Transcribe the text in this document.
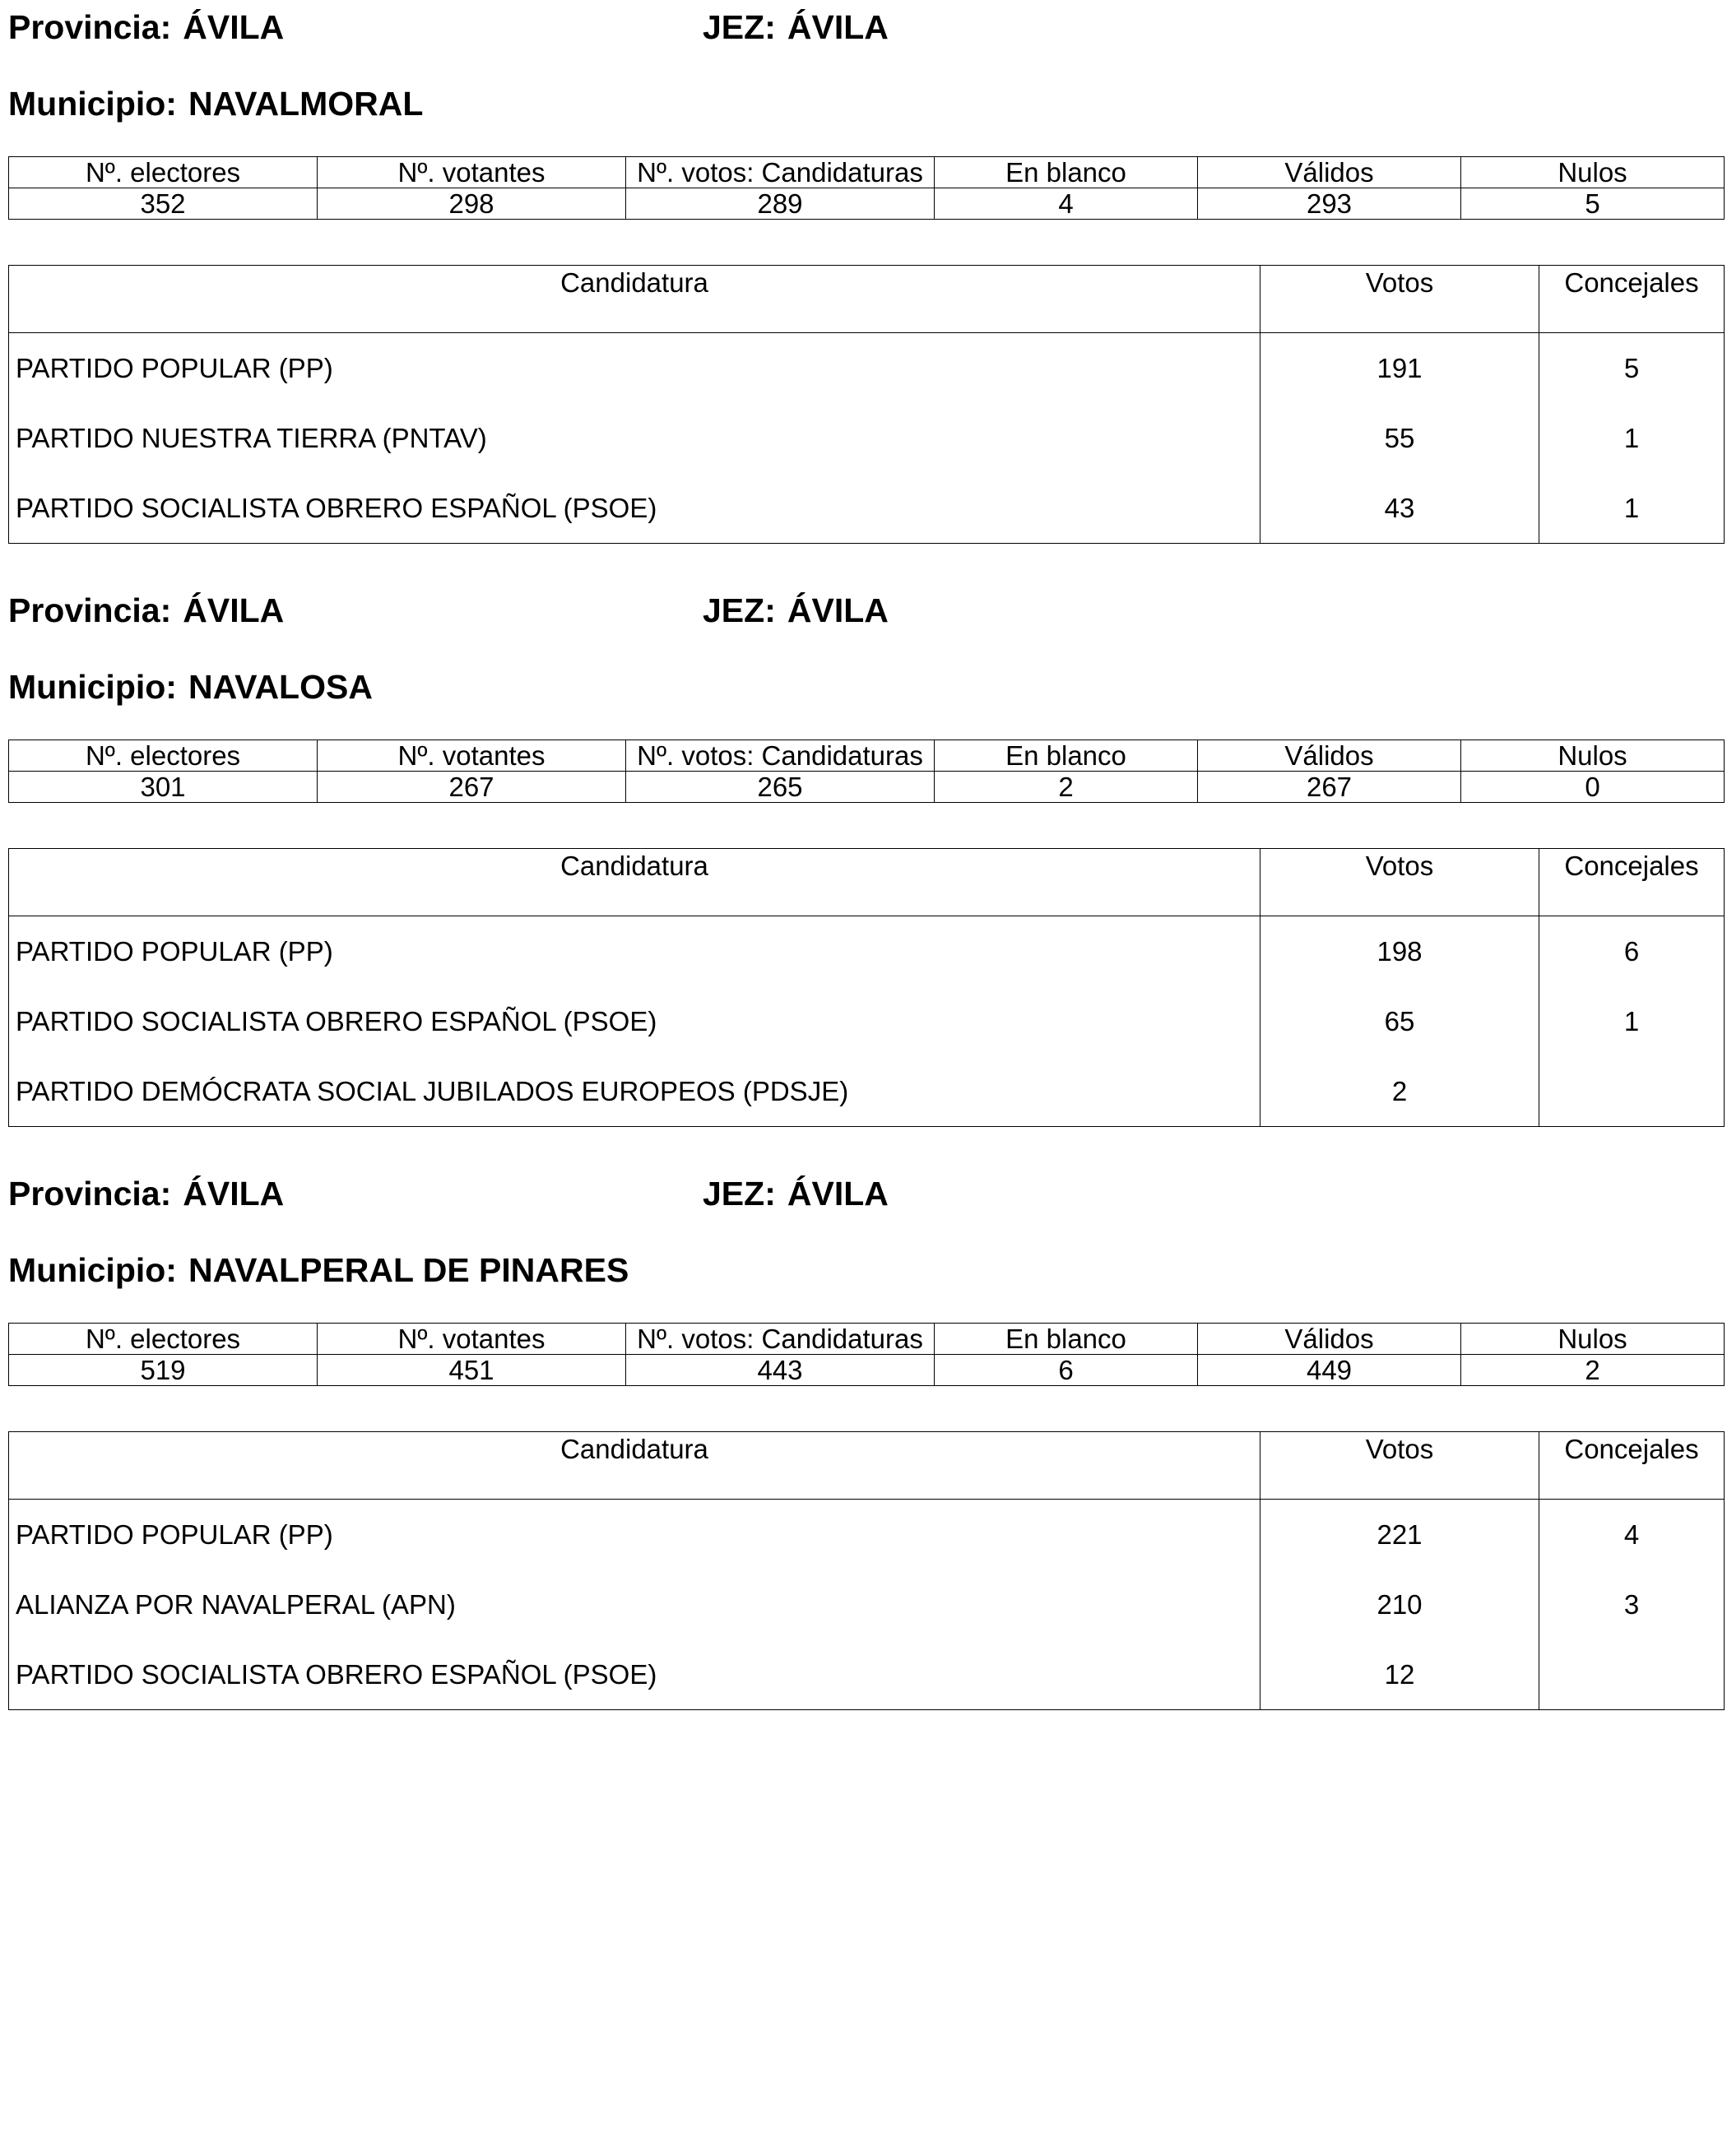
Provincia: ÁVILA	JEZ: ÁVILA
Municipio: NAVALMORAL
Nº. electores	Nº. votantes	Nº. votos: Candidaturas	En blanco	Válidos	Nulos
352	298	289	4	293	5
Candidatura	Votos	Concejales
PARTIDO POPULAR (PP)	191	5
PARTIDO NUESTRA TIERRA (PNTAV)	55	1
PARTIDO SOCIALISTA OBRERO ESPAÑOL (PSOE)	43	1
Provincia: ÁVILA	JEZ: ÁVILA
Municipio: NAVALOSA
Nº. electores	Nº. votantes	Nº. votos: Candidaturas	En blanco	Válidos	Nulos
301	267	265	2	267	0
Candidatura	Votos	Concejales
PARTIDO POPULAR (PP)	198	6
PARTIDO SOCIALISTA OBRERO ESPAÑOL (PSOE)	65	1
PARTIDO DEMÓCRATA SOCIAL JUBILADOS EUROPEOS (PDSJE)	2	
Provincia: ÁVILA	JEZ: ÁVILA
Municipio: NAVALPERAL DE PINARES
Nº. electores	Nº. votantes	Nº. votos: Candidaturas	En blanco	Válidos	Nulos
519	451	443	6	449	2
Candidatura	Votos	Concejales
PARTIDO POPULAR (PP)	221	4
ALIANZA POR NAVALPERAL (APN)	210	3
PARTIDO SOCIALISTA OBRERO ESPAÑOL (PSOE)	12	
